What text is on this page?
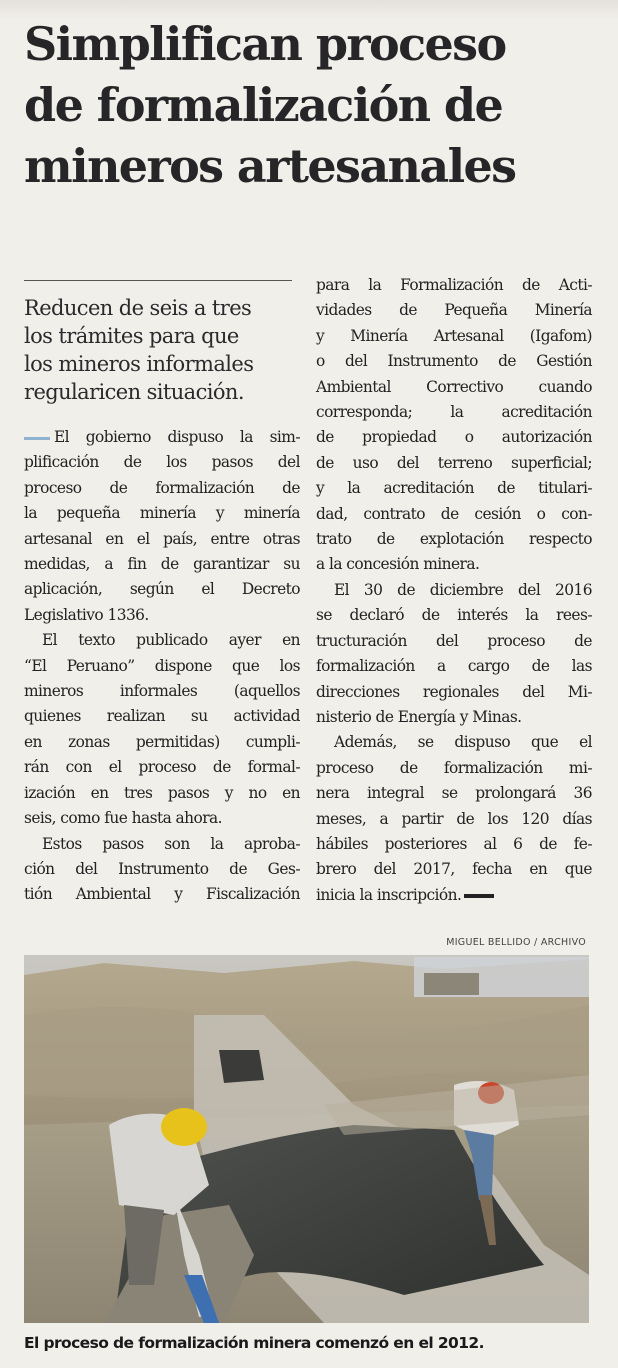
Simplifican proceso
de formalización de
mineros artesanales

Reducen de seis a tres
los trámites para que
los mineros informales
regularicen situación.

El gobierno dispuso la sim-
plificación de los pasos del
proceso de formalización de
la pequeña minería y minería
artesanal en el país, entre otras
medidas, a fin de garantizar su
aplicación, según el Decreto
Legislativo 1336.
El texto publicado ayer en
“El Peruano” dispone que los
mineros informales (aquellos
quienes realizan su actividad
en zonas permitidas) cumpli-
rán con el proceso de formal-
ización en tres pasos y no en
seis, como fue hasta ahora.
Estos pasos son la aproba-
ción del Instrumento de Ges-
tión Ambiental y Fiscalización
para la Formalización de Acti-
vidades de Pequeña Minería
y Minería Artesanal (Igafom)
o del Instrumento de Gestión
Ambiental Correctivo cuando
corresponda; la acreditación
de propiedad o autorización
de uso del terreno superficial;
y la acreditación de titulari-
dad, contrato de cesión o con-
trato de explotación respecto
a la concesión minera.
El 30 de diciembre del 2016
se declaró de interés la rees-
tructuración del proceso de
formalización a cargo de las
direcciones regionales del Mi-
nisterio de Energía y Minas.
Además, se dispuso que el
proceso de formalización mi-
nera integral se prolongará 36
meses, a partir de los 120 días
hábiles posteriores al 6 de fe-
brero del 2017, fecha en que
inicia la inscripción.
MIGUEL BELLIDO / ARCHIVO
El proceso de formalización minera comenzó en el 2012.
